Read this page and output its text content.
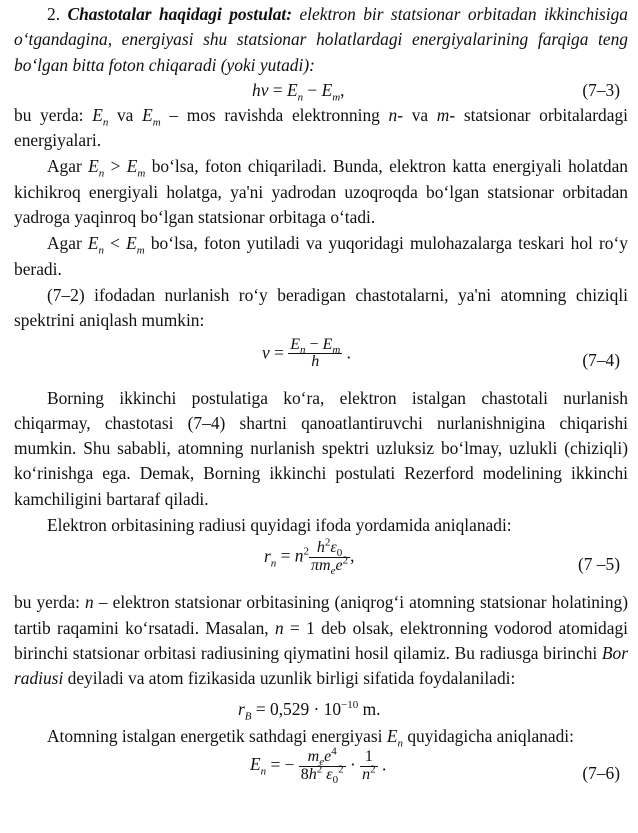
2. Chastotalar haqidagi postulat: elektron bir statsionar orbitadan ikkinchisiga oʻtgandagina, energiyasi shu statsionar holatlardagi energiyalarining farqiga teng boʻlgan bitta foton chiqaradi (yoki yutadi):

hv = $E_n - E_m$,	(7–3)

bu yerda: $E_n$ va $E_m$ – mos ravishda elektronning n- va m- statsionar orbitalardagi energiyalari.

Agar $E_n > E_m$ boʻlsa, foton chiqariladi. Bunda, elektron katta energiyali holatdan kichikroq energiyali holatga, ya'ni yadrodan uzoqroqda boʻlgan statsionar orbitadan yadroga yaqinroq boʻlgan statsionar orbitaga oʻtadi.

Agar $E_n < E_m$ boʻlsa, foton yutiladi va yuqoridagi mulohazalarga teskari hol roʻy beradi.

(7–2) ifodadan nurlanish roʻy beradigan chastotalarni, ya'ni atomning chiziqli spektrini aniqlash mumkin:

$\nu = \frac{E_n - E_m}{h}$ .	(7–4)

Borning ikkinchi postulatiga koʻra, elektron istalgan chastotali nurlanish chiqarmay, chastotasi (7–4) shartni qanoatlantiruvchi nurlanishnigina chiqarishi mumkin. Shu sababli, atomning nurlanish spektri uzluksiz boʻlmay, uzlukli (chiziqli) koʻrinishga ega. Demak, Borning ikkinchi postulati Rezerford modelining ikkinchi kamchiligini bartaraf qiladi.

Elektron orbitasining radiusi quyidagi ifoda yordamida aniqlanadi:

$r_n = n^2 \frac{h^2\varepsilon_0}{\pi m_ee^2}$ ,	(7 –5)

bu yerda: n – elektron statsionar orbitasining (aniqrogʻi atomning statsionar holatining) tartib raqamini koʻrsatadi. Masalan, n = 1 deb olsak, elektronning vodorod atomidagi birinchi statsionar orbitasi radiusining qiymatini hosil qilamiz. Bu radiusga birinchi Bor radiusi deyiladi va atom fizikasida uzunlik birligi sifatida foydalaniladi:

$r_B = 0,529 \cdot 10^{-10}$ m.

Atomning istalgan energetik sathdagi energiyasi $E_n$ quyidagicha aniqlanadi:

$E_n$ = − $\frac{m_ee^4}{8h^2 \varepsilon_0^2} \cdot \frac{1}{n^2}$ .	(7–6)
